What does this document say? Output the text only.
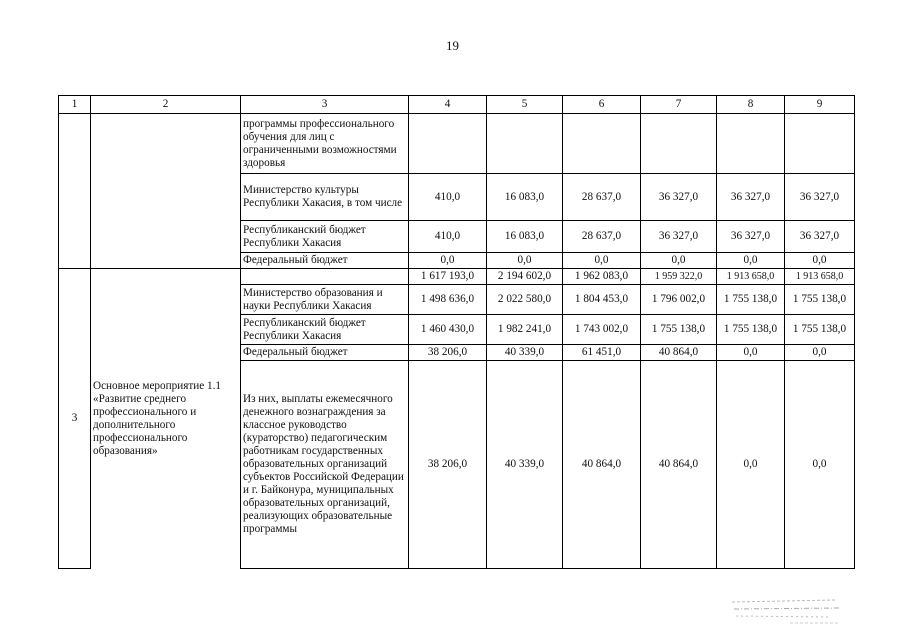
19
1	2	3	4	5	6	7	8	9
		программы профессионального обучения для лиц с ограниченными возможностями здоровья						
		Министерство культуры Республики Хакасия, в том числе	410,0	16 083,0	28 637,0	36 327,0	36 327,0	36 327,0
		Республиканский бюджет Республики Хакасия	410,0	16 083,0	28 637,0	36 327,0	36 327,0	36 327,0
		Федеральный бюджет	0,0	0,0	0,0	0,0	0,0	0,0
3	Основное мероприятие 1.1 «Развитие среднего профессионального и дополнительного профессионального образования»		1 617 193,0	2 194 602,0	1 962 083,0	1 959 322,0	1 913 658,0	1 913 658,0
		Министерство образования и науки Республики Хакасия	1 498 636,0	2 022 580,0	1 804 453,0	1 796 002,0	1 755 138,0	1 755 138,0
		Республиканский бюджет Республики Хакасия	1 460 430,0	1 982 241,0	1 743 002,0	1 755 138,0	1 755 138,0	1 755 138,0
		Федеральный бюджет	38 206,0	40 339,0	61 451,0	40 864,0	0,0	0,0
		Из них, выплаты ежемесячного денежного вознаграждения за классное руководство (кураторство) педагогическим работникам государственных образовательных организаций субъектов Российской Федерации и г. Байконура, муниципальных образовательных организаций, реализующих образовательные программы	38 206,0	40 339,0	40 864,0	40 864,0	0,0	0,0
